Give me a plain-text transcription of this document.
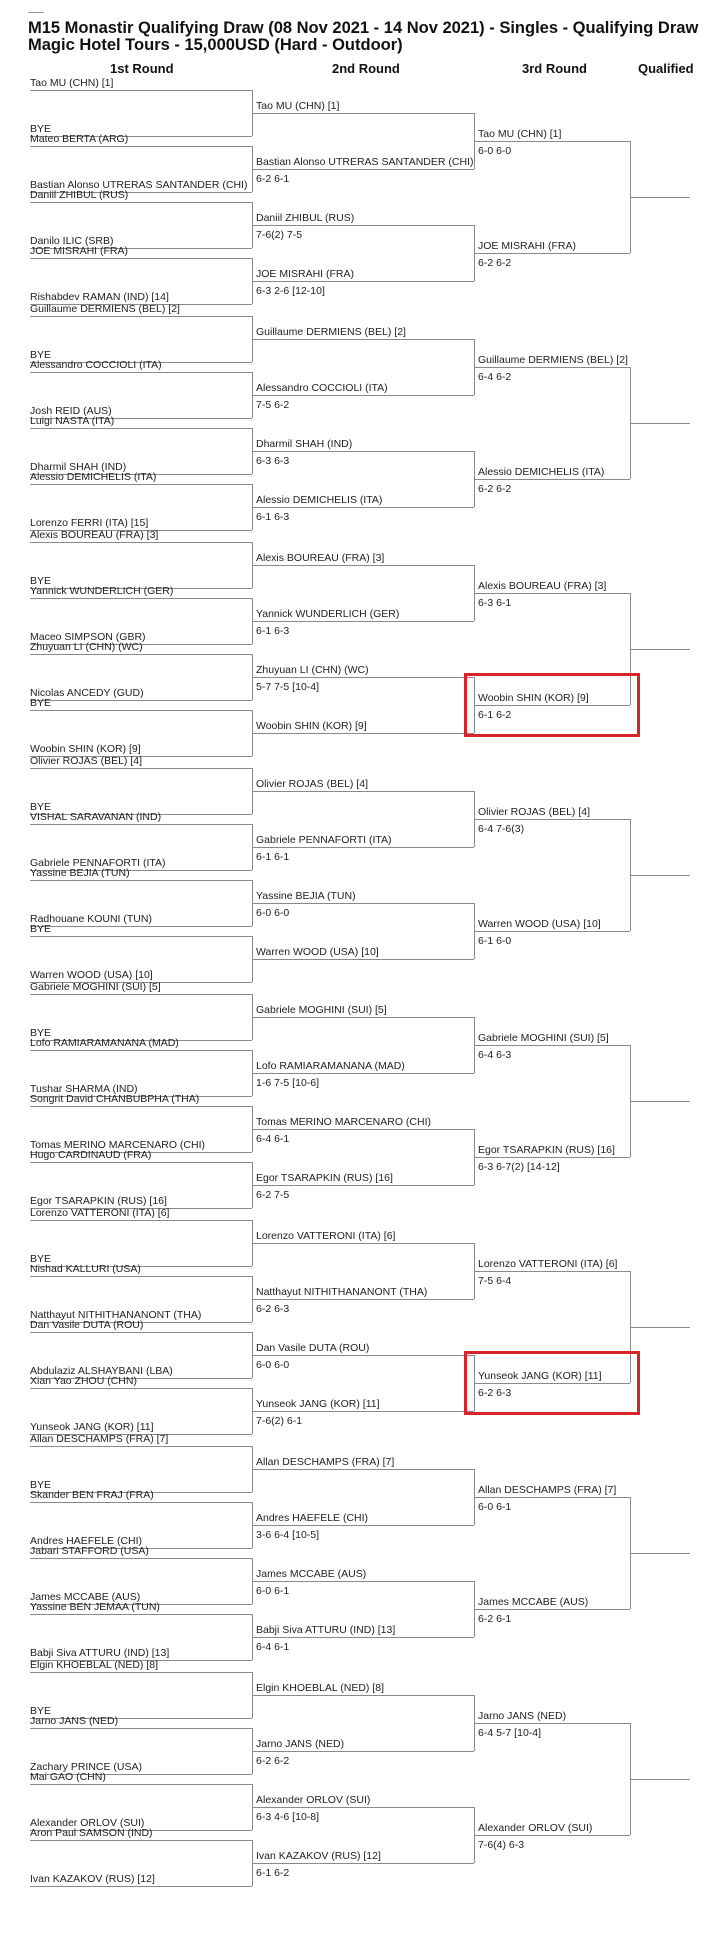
M15 Monastir Qualifying Draw (08 Nov 2021 - 14 Nov 2021) - Singles - Qualifying Draw Magic Hotel Tours - 15,000USD (Hard - Outdoor)
1st Round	2nd Round	3rd Round	Qualified
Tao MU (CHN) [1]
BYE
Tao MU (CHN) [1]
Mateo BERTA (ARG)
Bastian Alonso UTRERAS SANTANDER (CHI)
Bastian Alonso UTRERAS SANTANDER (CHI)
6-2 6-1
Daniil ZHIBUL (RUS)
Danilo ILIC (SRB)
Daniil ZHIBUL (RUS)
7-6(2) 7-5
JOE MISRAHI (FRA)
Rishabdev RAMAN (IND) [14]
JOE MISRAHI (FRA)
6-3 2-6 [12-10]
Tao MU (CHN) [1]
6-0 6-0
JOE MISRAHI (FRA)
6-2 6-2
Guillaume DERMIENS (BEL) [2]
BYE
Guillaume DERMIENS (BEL) [2]
Alessandro COCCIOLI (ITA)
Josh REID (AUS)
Alessandro COCCIOLI (ITA)
7-5 6-2
Luigi NASTA (ITA)
Dharmil SHAH (IND)
Dharmil SHAH (IND)
6-3 6-3
Alessio DEMICHELIS (ITA)
Lorenzo FERRI (ITA) [15]
Alessio DEMICHELIS (ITA)
6-1 6-3
Guillaume DERMIENS (BEL) [2]
6-4 6-2
Alessio DEMICHELIS (ITA)
6-2 6-2
Alexis BOUREAU (FRA) [3]
BYE
Alexis BOUREAU (FRA) [3]
Yannick WUNDERLICH (GER)
Maceo SIMPSON (GBR)
Yannick WUNDERLICH (GER)
6-1 6-3
Zhuyuan LI (CHN) (WC)
Nicolas ANCEDY (GUD)
Zhuyuan LI (CHN) (WC)
5-7 7-5 [10-4]
BYE
Woobin SHIN (KOR) [9]
Woobin SHIN (KOR) [9]
Alexis BOUREAU (FRA) [3]
6-3 6-1
Woobin SHIN (KOR) [9]
6-1 6-2
Olivier ROJAS (BEL) [4]
BYE
Olivier ROJAS (BEL) [4]
VISHAL SARAVANAN (IND)
Gabriele PENNAFORTI (ITA)
Gabriele PENNAFORTI (ITA)
6-1 6-1
Yassine BEJIA (TUN)
Radhouane KOUNI (TUN)
Yassine BEJIA (TUN)
6-0 6-0
BYE
Warren WOOD (USA) [10]
Warren WOOD (USA) [10]
Olivier ROJAS (BEL) [4]
6-4 7-6(3)
Warren WOOD (USA) [10]
6-1 6-0
Gabriele MOGHINI (SUI) [5]
BYE
Gabriele MOGHINI (SUI) [5]
Lofo RAMIARAMANANA (MAD)
Tushar SHARMA (IND)
Lofo RAMIARAMANANA (MAD)
1-6 7-5 [10-6]
Songrit David CHANBUBPHA (THA)
Tomas MERINO MARCENARO (CHI)
Tomas MERINO MARCENARO (CHI)
6-4 6-1
Hugo CARDINAUD (FRA)
Egor TSARAPKIN (RUS) [16]
Egor TSARAPKIN (RUS) [16]
6-2 7-5
Gabriele MOGHINI (SUI) [5]
6-4 6-3
Egor TSARAPKIN (RUS) [16]
6-3 6-7(2) [14-12]
Lorenzo VATTERONI (ITA) [6]
BYE
Lorenzo VATTERONI (ITA) [6]
Nishad KALLURI (USA)
Natthayut NITHITHANANONT (THA)
Natthayut NITHITHANANONT (THA)
6-2 6-3
Dan Vasile DUTA (ROU)
Abdulaziz ALSHAYBANI (LBA)
Dan Vasile DUTA (ROU)
6-0 6-0
Xian Yao ZHOU (CHN)
Yunseok JANG (KOR) [11]
Yunseok JANG (KOR) [11]
7-6(2) 6-1
Lorenzo VATTERONI (ITA) [6]
7-5 6-4
Yunseok JANG (KOR) [11]
6-2 6-3
Allan DESCHAMPS (FRA) [7]
BYE
Allan DESCHAMPS (FRA) [7]
Skander BEN FRAJ (FRA)
Andres HAEFELE (CHI)
Andres HAEFELE (CHI)
3-6 6-4 [10-5]
Jabari STAFFORD (USA)
James MCCABE (AUS)
James MCCABE (AUS)
6-0 6-1
Yassine BEN JEMAA (TUN)
Babji Siva ATTURU (IND) [13]
Babji Siva ATTURU (IND) [13]
6-4 6-1
Allan DESCHAMPS (FRA) [7]
6-0 6-1
James MCCABE (AUS)
6-2 6-1
Elgin KHOEBLAL (NED) [8]
BYE
Elgin KHOEBLAL (NED) [8]
Jarno JANS (NED)
Zachary PRINCE (USA)
Jarno JANS (NED)
6-2 6-2
Mai GAO (CHN)
Alexander ORLOV (SUI)
Alexander ORLOV (SUI)
6-3 4-6 [10-8]
Aron Paul SAMSON (IND)
Ivan KAZAKOV (RUS) [12]
Ivan KAZAKOV (RUS) [12]
6-1 6-2
Jarno JANS (NED)
6-4 5-7 [10-4]
Alexander ORLOV (SUI)
7-6(4) 6-3
